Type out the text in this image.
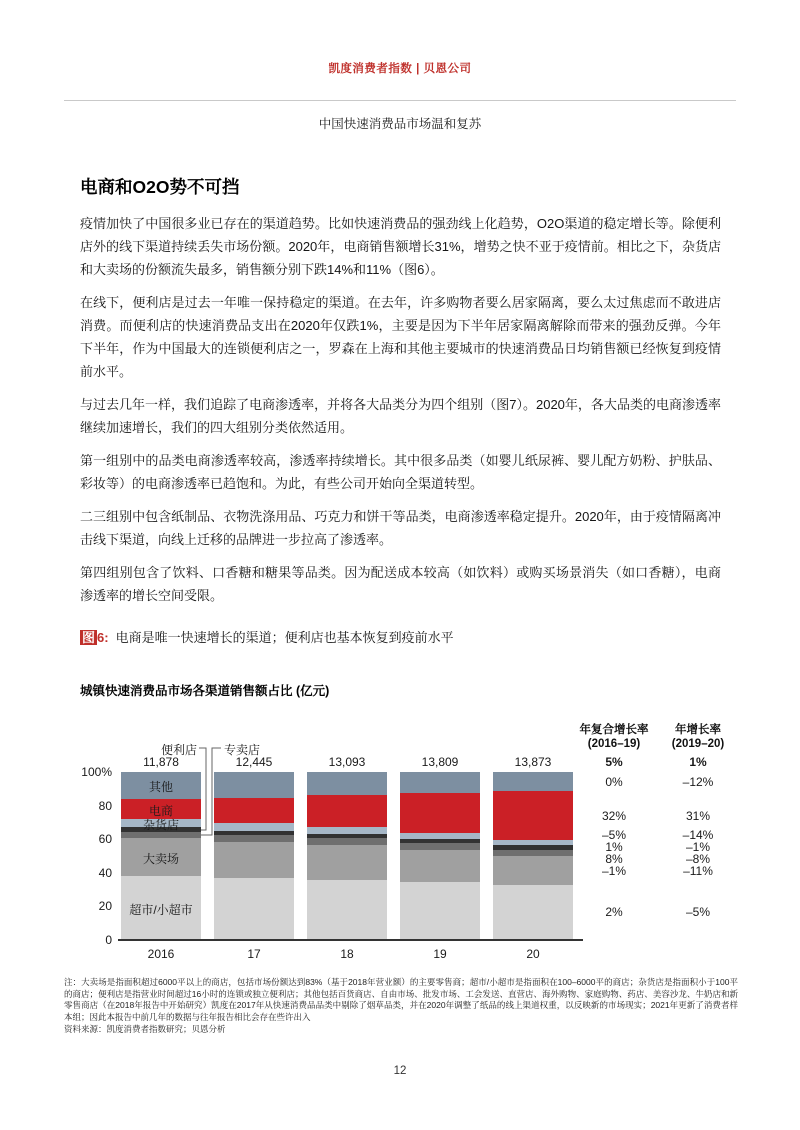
凯度消费者指数 | 贝恩公司
中国快速消费品市场温和复苏
电商和O2O势不可挡

疫情加快了中国很多业已存在的渠道趋势。比如快速消费品的强劲线上化趋势，O2O渠道的稳定增长等。除便利店外的线下渠道持续丢失市场份额。2020年，电商销售额增长31%，增势之快不亚于疫情前。相比之下，杂货店和大卖场的份额流失最多，销售额分别下跌14%和11%（图6）。

在线下，便利店是过去一年唯一保持稳定的渠道。在去年，许多购物者要么居家隔离，要么太过焦虑而不敢进店消费。而便利店的快速消费品支出在2020年仅跌1%，主要是因为下半年居家隔离解除而带来的强劲反弹。今年下半年，作为中国最大的连锁便利店之一，罗森在上海和其他主要城市的快速消费品日均销售额已经恢复到疫情前水平。

与过去几年一样，我们追踪了电商渗透率，并将各大品类分为四个组别（图7）。2020年，各大品类的电商渗透率继续加速增长，我们的四大组别分类依然适用。

第一组别中的品类电商渗透率较高，渗透率持续增长。其中很多品类（如婴儿纸尿裤、婴儿配方奶粉、护肤品、彩妆等）的电商渗透率已趋饱和。为此，有些公司开始向全渠道转型。

二三组别中包含纸制品、衣物洗涤用品、巧克力和饼干等品类，电商渗透率稳定提升。2020年，由于疫情隔离冲击线下渠道，向线上迁移的品牌进一步拉高了渗透率。

第四组别包含了饮料、口香糖和糖果等品类。因为配送成本较高（如饮料）或购买场景消失（如口香糖），电商渗透率的增长空间受限。

图 6: 电商是唯一快速增长的渠道；便利店也基本恢复到疫前水平
城镇快速消费品市场各渠道销售额占比 (亿元)
便利店 专卖店
年复合增长率
(2016–19)
年增长率
(2019–20)
5%	1%
100%
80
60
40
20
0
11,878
2016
12,445
17
13,093
18
13,809
19
13,873
20
超市/小超市
大卖场
杂货店
电商
其他	0%	–12%
32%	31%
–5%	–14%
1%	–1%
8%	–8%
–1%	–11%
2%	–5%
注：大卖场是指面积超过6000平以上的商店，包括市场份额达到83%（基于2018年营业额）的主要零售商；超市/小超市是指面积在100–6000平的商店；杂货店是指面积小于100平的商店；便利店是指营业时间超过16小时的连锁或独立便利店；其他包括百货商店、自由市场、批发市场、工会发送、直营店、海外购物、家庭购物、药店、美容沙龙、牛奶店和新零售商店（在2018年报告中开始研究）凯度在2017年从快速消费品品类中剔除了烟草品类，并在2020年调整了纸品的线上渠道权重，以反映新的市场现实；2021年更新了消费者样本组；因此本报告中前几年的数据与往年报告相比会存在些许出入
资料来源：凯度消费者指数研究；贝恩分析
12
